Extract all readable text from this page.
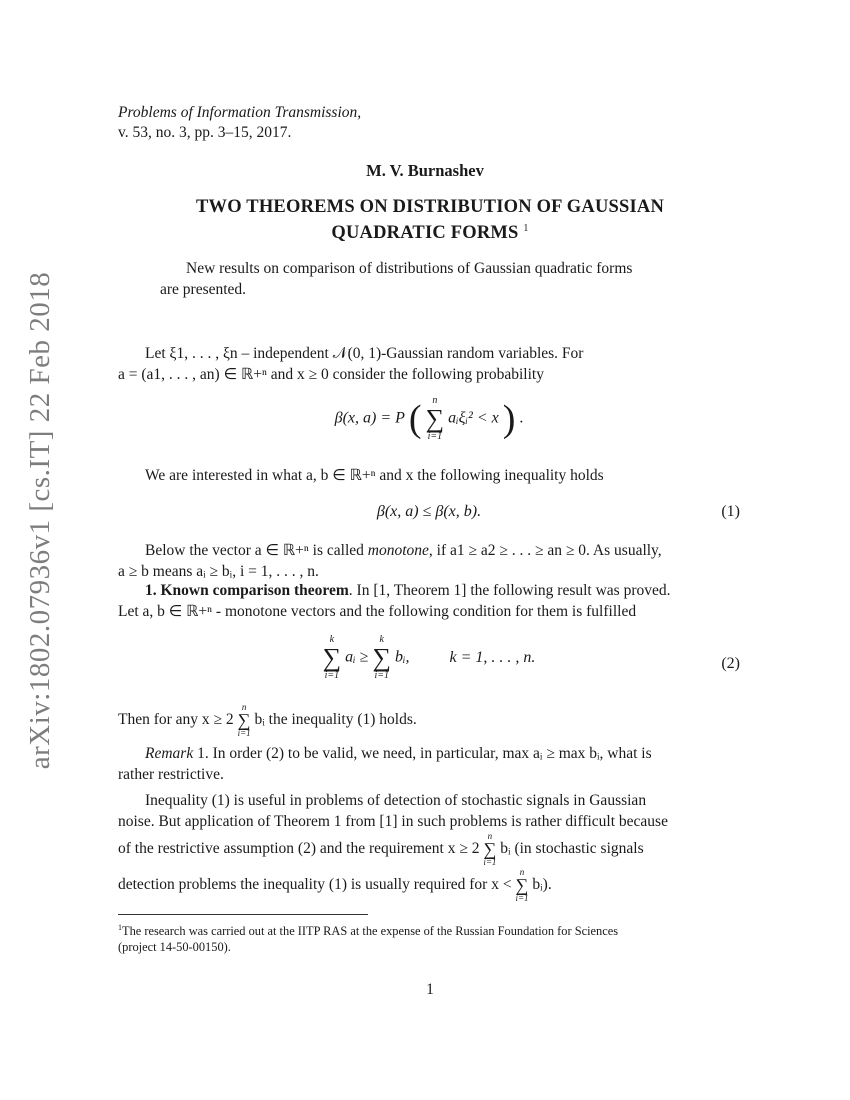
arXiv:1802.07936v1 [cs.IT] 22 Feb 2018
Problems of Information Transmission,
v. 53, no. 3, pp. 3–15, 2017.
M. V. Burnashev
TWO THEOREMS ON DISTRIBUTION OF GAUSSIAN
QUADRATIC FORMS $^1$
New results on comparison of distributions of Gaussian quadratic forms
are presented.
Let ξ1, . . . , ξn – independent 𝒩(0, 1)-Gaussian random variables. For
a = (a1, . . . , an) ∈ ℝ+ⁿ and x ≥ 0 consider the following probability
β(x, a) = P ( n
∑
i=1
aᵢξᵢ² < x ) .
We are interested in what a, b ∈ ℝ+ⁿ and x the following inequality holds
β(x, a) ≤ β(x, b).	(1)
Below the vector a ∈ ℝ+ⁿ is called monotone, if a1 ≥ a2 ≥ . . . ≥ an ≥ 0. As usually,
a ≥ b means aᵢ ≥ bᵢ, i = 1, . . . , n.
1. Known comparison theorem. In [1, Theorem 1] the following result was proved.
Let a, b ∈ ℝ+ⁿ - monotone vectors and the following condition for them is fulfilled
k
∑
i=1
aᵢ ≥
k
∑
i=1
bᵢ,	k = 1, . . . , n.	(2)
Then for any x ≥ 2
n
∑
i=1
bᵢ the inequality (1) holds.
Remark 1. In order (2) to be valid, we need, in particular, max aᵢ ≥ max bᵢ, what is
rather restrictive.
Inequality (1) is useful in problems of detection of stochastic signals in Gaussian
noise. But application of Theorem 1 from [1] in such problems is rather difficult because
of the restrictive assumption (2) and the requirement x ≥ 2
n
∑
i=1
bᵢ (in stochastic signals
detection problems the inequality (1) is usually required for x <
n
∑
i=1
bᵢ).
$^1$The research was carried out at the IITP RAS at the expense of the Russian Foundation for Sciences
(project 14-50-00150).
1
